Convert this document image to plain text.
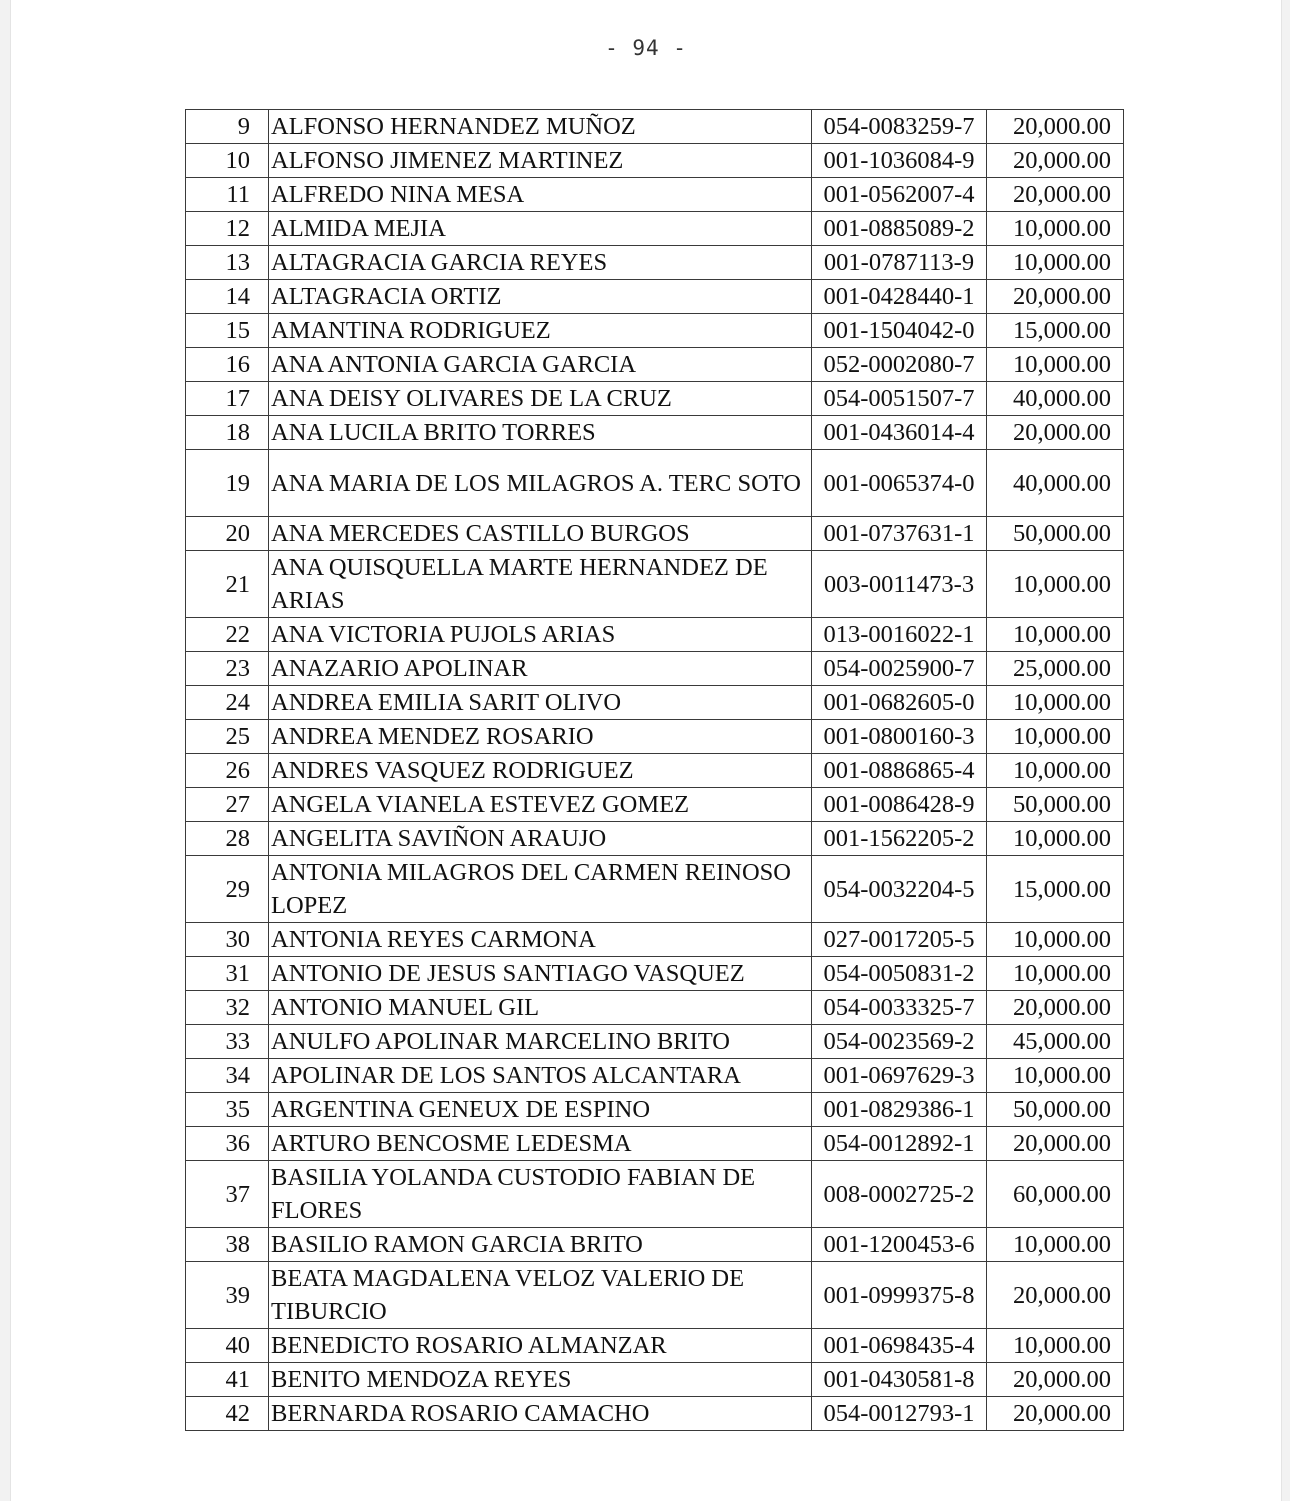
- 94 -
9	ALFONSO HERNANDEZ MUÑOZ	054-0083259-7	20,000.00
10	ALFONSO JIMENEZ MARTINEZ	001-1036084-9	20,000.00
11	ALFREDO NINA MESA	001-0562007-4	20,000.00
12	ALMIDA MEJIA	001-0885089-2	10,000.00
13	ALTAGRACIA GARCIA REYES	001-0787113-9	10,000.00
14	ALTAGRACIA ORTIZ	001-0428440-1	20,000.00
15	AMANTINA RODRIGUEZ	001-1504042-0	15,000.00
16	ANA ANTONIA GARCIA GARCIA	052-0002080-7	10,000.00
17	ANA DEISY OLIVARES DE LA CRUZ	054-0051507-7	40,000.00
18	ANA LUCILA BRITO TORRES	001-0436014-4	20,000.00
19	ANA MARIA DE LOS MILAGROS A. TERC SOTO	001-0065374-0	40,000.00
20	ANA MERCEDES CASTILLO BURGOS	001-0737631-1	50,000.00
21	ANA QUISQUELLA MARTE HERNANDEZ DE ARIAS	003-0011473-3	10,000.00
22	ANA VICTORIA PUJOLS ARIAS	013-0016022-1	10,000.00
23	ANAZARIO APOLINAR	054-0025900-7	25,000.00
24	ANDREA EMILIA SARIT OLIVO	001-0682605-0	10,000.00
25	ANDREA MENDEZ ROSARIO	001-0800160-3	10,000.00
26	ANDRES VASQUEZ RODRIGUEZ	001-0886865-4	10,000.00
27	ANGELA VIANELA ESTEVEZ GOMEZ	001-0086428-9	50,000.00
28	ANGELITA SAVIÑON ARAUJO	001-1562205-2	10,000.00
29	ANTONIA MILAGROS DEL CARMEN REINOSO LOPEZ	054-0032204-5	15,000.00
30	ANTONIA REYES CARMONA	027-0017205-5	10,000.00
31	ANTONIO DE JESUS SANTIAGO VASQUEZ	054-0050831-2	10,000.00
32	ANTONIO MANUEL GIL	054-0033325-7	20,000.00
33	ANULFO APOLINAR MARCELINO BRITO	054-0023569-2	45,000.00
34	APOLINAR DE LOS SANTOS ALCANTARA	001-0697629-3	10,000.00
35	ARGENTINA GENEUX DE ESPINO	001-0829386-1	50,000.00
36	ARTURO BENCOSME LEDESMA	054-0012892-1	20,000.00
37	BASILIA YOLANDA CUSTODIO FABIAN DE FLORES	008-0002725-2	60,000.00
38	BASILIO RAMON GARCIA BRITO	001-1200453-6	10,000.00
39	BEATA MAGDALENA VELOZ VALERIO DE TIBURCIO	001-0999375-8	20,000.00
40	BENEDICTO ROSARIO ALMANZAR	001-0698435-4	10,000.00
41	BENITO MENDOZA REYES	001-0430581-8	20,000.00
42	BERNARDA ROSARIO CAMACHO	054-0012793-1	20,000.00
